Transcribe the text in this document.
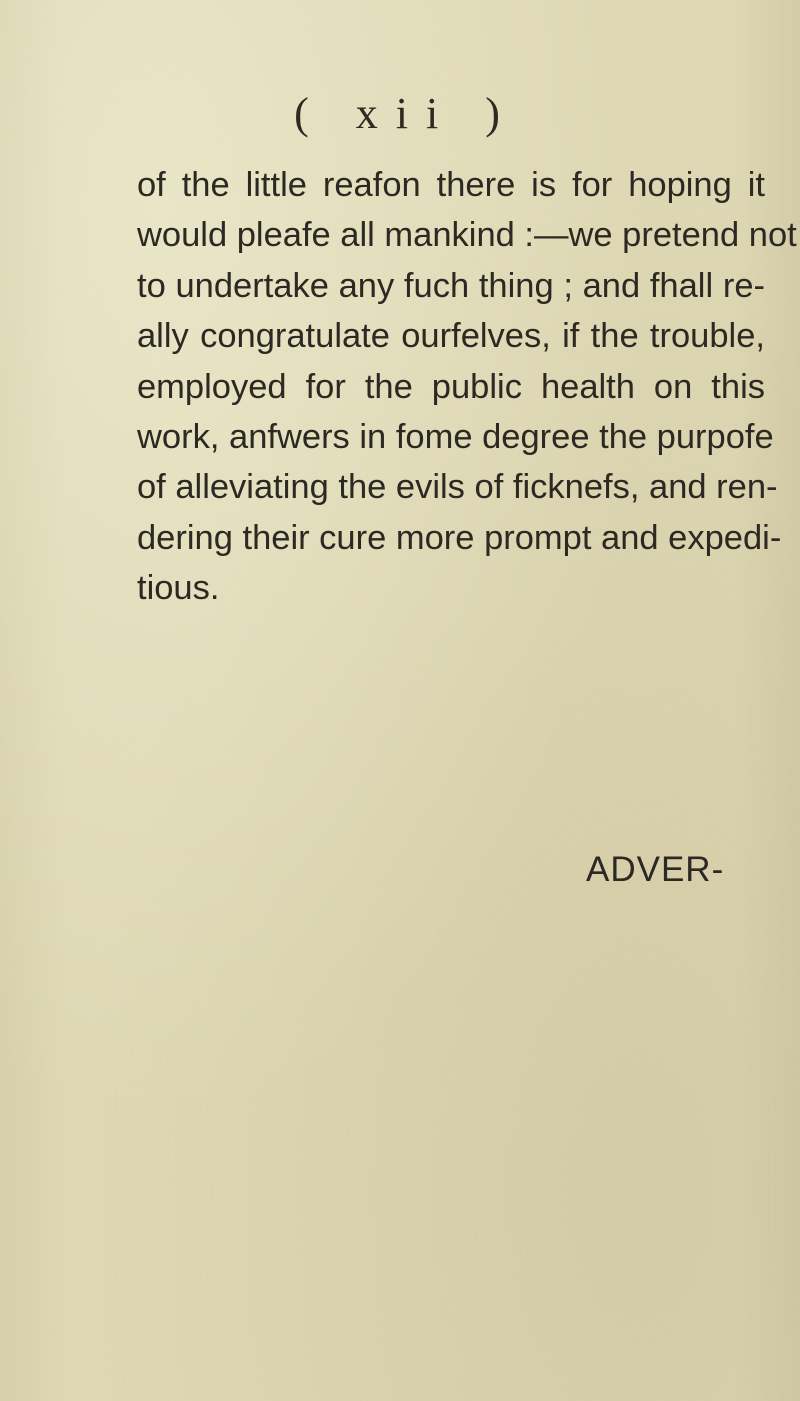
( xii )
of the little reafon there is for hoping it
would pleafe all mankind :—we pretend not
to undertake any fuch thing ; and fhall re-
ally congratulate ourfelves, if the trouble,
employed for the public health on this
work, anfwers in fome degree the purpofe
of alleviating the evils of ficknefs, and ren-
dering their cure more prompt and expedi-
tious.
ADVER-
